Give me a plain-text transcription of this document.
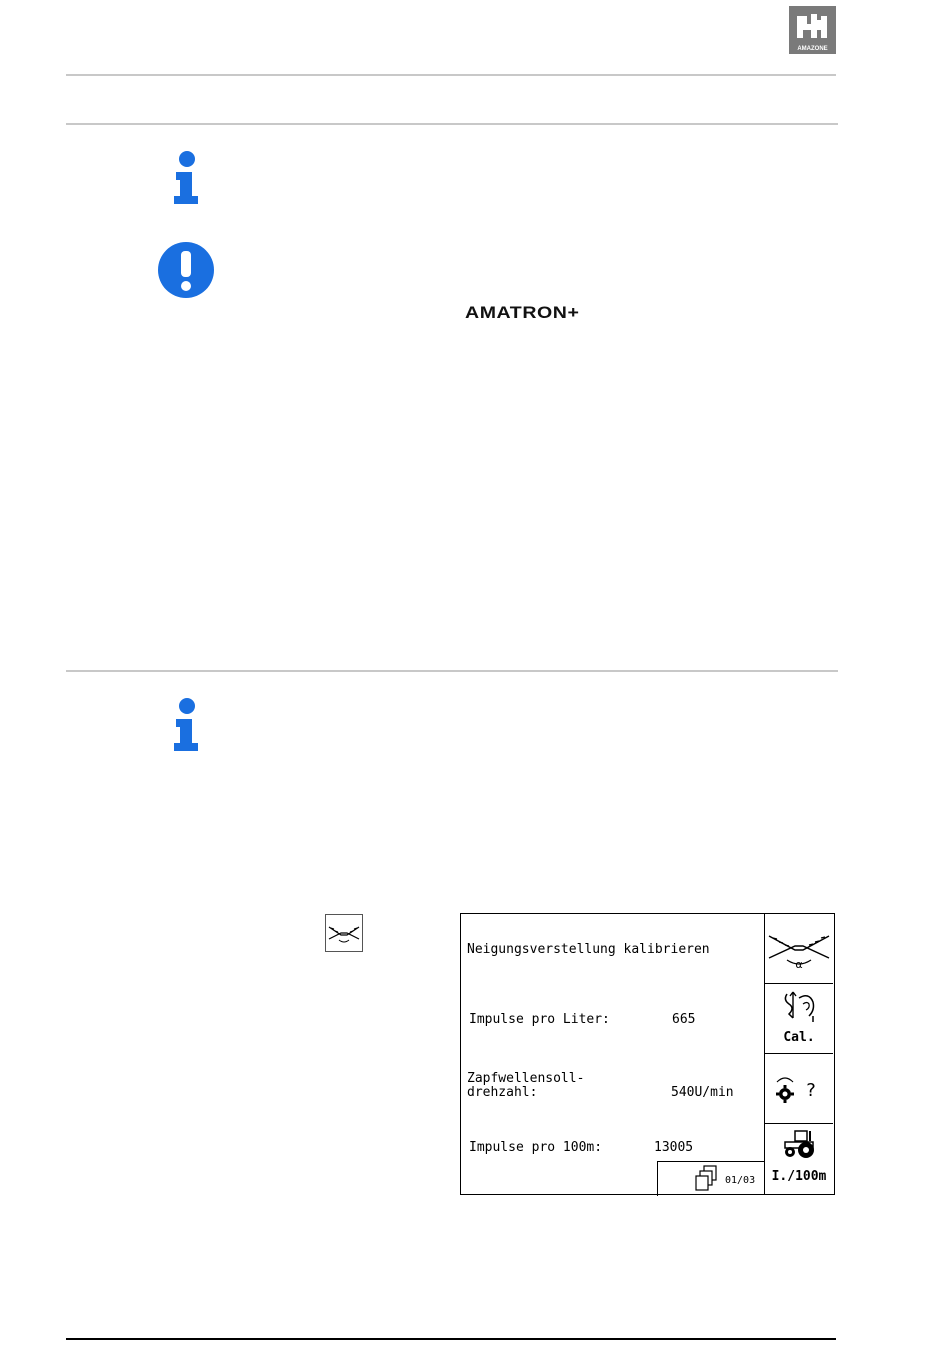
AMAZONE
AMATRON+
Neigungsverstellung kalibrieren
Impulse pro Liter:	665
Zapfwellensoll-
drehzahl:	540U/min
Impulse pro 100m:	13005
01/03
α
Cal.
?
I./100m
